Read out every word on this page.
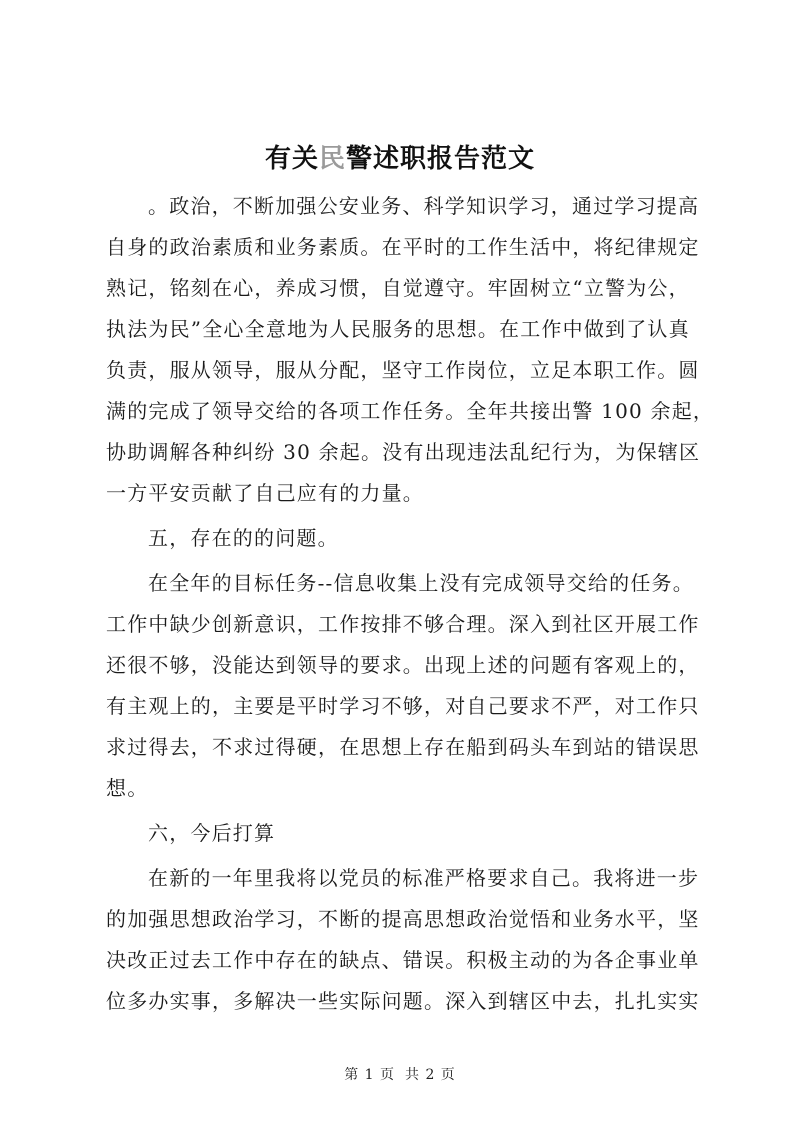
有关民警述职报告范文
。政治，不断加强公安业务、科学知识学习，通过学习提高
自身的政治素质和业务素质。在平时的工作生活中，将纪律规定
熟记，铭刻在心，养成习惯，自觉遵守。牢固树立“立警为公，
执法为民”全心全意地为人民服务的思想。在工作中做到了认真
负责，服从领导，服从分配，坚守工作岗位，立足本职工作。圆
满的完成了领导交给的各项工作任务。全年共接出警 100 余起，
协助调解各种纠纷 30 余起。没有出现违法乱纪行为，为保辖区
一方平安贡献了自己应有的力量。
五，存在的的问题。
在全年的目标任务--信息收集上没有完成领导交给的任务。
工作中缺少创新意识，工作按排不够合理。深入到社区开展工作
还很不够，没能达到领导的要求。出现上述的问题有客观上的，
有主观上的，主要是平时学习不够，对自己要求不严，对工作只
求过得去，不求过得硬，在思想上存在船到码头车到站的错误思
想。
六，今后打算
在新的一年里我将以党员的标准严格要求自己。我将进一步
的加强思想政治学习，不断的提高思想政治觉悟和业务水平，坚
决改正过去工作中存在的缺点、错误。积极主动的为各企事业单
位多办实事，多解决一些实际问题。深入到辖区中去，扎扎实实
第 1 页 共 2 页
